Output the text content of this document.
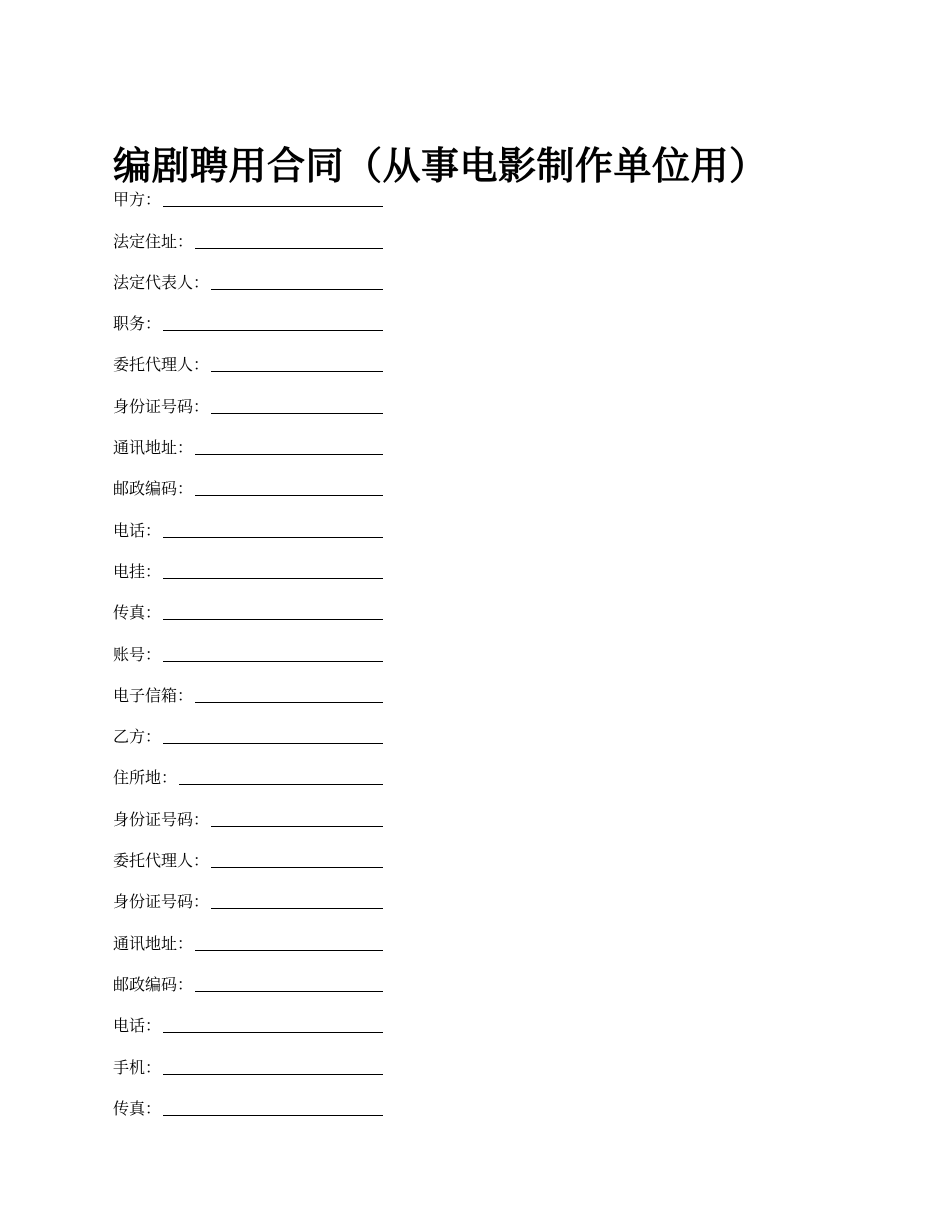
编剧聘用合同（从事电影制作单位用）
甲方 ：
法定住址 ：
法定代表人 ：
职务 ：
委托代理人 ：
身份证号码 ：
通讯地址 ：
邮政编码 ：
电话 ：
电挂 ：
传真 ：
账号 ：
电子信箱 ：
乙方 ：
住所地 ：
身份证号码 ：
委托代理人 ：
身份证号码 ：
通讯地址 ：
邮政编码 ：
电话 ：
手机 ：
传真 ：
